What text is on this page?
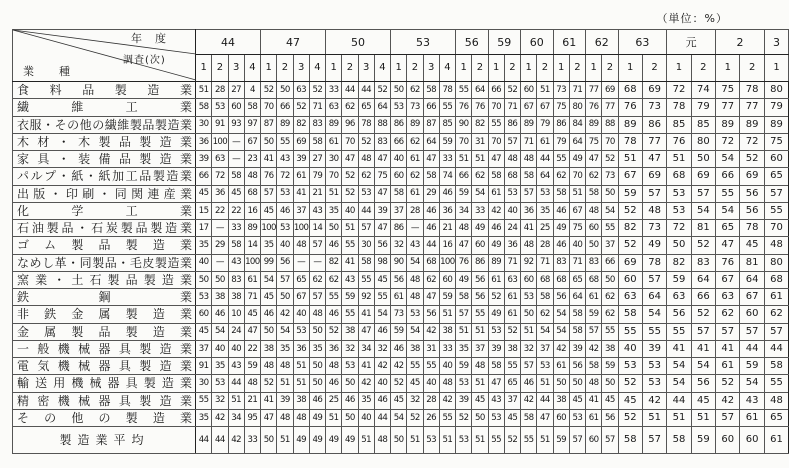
（単位：%）
年　度
調査(次)
業　　種	44				47				50				53				56		59		60		61		62		63		元		2		3			
	1	2	3	4	1	2	3	4	1	2	3	4	1	2	3	4	1	2	1	2	1	2	1	2	1	2	1	2	1	2	1	2	1							
食料品製造業	51	28	27	4	52	50	63	52	33	44	44	52	50	62	58	78	55	64	66	52	60	51	73	71	77	69	68	69	72	74	75	78	80	
繊維工業	58	53	60	58	70	66	52	71	63	62	65	64	53	73	66	55	76	76	70	71	67	67	75	80	76	77	76	73	78	79	77	77	79	
衣服・その他の繊維製品製造業	30	91	93	97	87	89	82	83	89	96	78	88	86	89	87	85	90	82	55	86	89	79	86	84	89	88	89	86	85	85	89	89	89	
木材・木製品製造業	36	100	—	67	50	55	69	58	61	70	52	83	66	62	64	59	70	31	70	57	71	61	79	64	75	70	78	77	76	80	72	72	75	
家具・装備品製造業	39	63	—	23	41	43	39	27	30	47	48	47	40	61	47	33	51	51	47	48	48	44	55	49	47	52	51	47	51	50	54	52	60	
パルプ・紙・紙加工品製造業	66	72	58	48	76	72	61	79	70	52	62	75	60	62	58	74	66	62	58	68	58	64	62	70	62	73	67	69	68	69	66	69	65	
出版・印刷・同関連産業	45	36	45	68	57	53	41	21	51	52	53	47	58	61	29	46	59	54	61	53	57	53	58	51	58	50	59	57	53	57	55	56	57	
化学工業	15	22	22	16	45	46	37	43	35	40	44	39	37	28	46	36	34	33	42	40	36	35	46	67	48	54	52	48	53	54	54	56	55	
石油製品・石炭製品製造業	17	—	33	89	100	53	100	14	50	51	57	47	86	—	46	21	48	49	46	24	41	25	49	75	60	55	82	73	72	81	65	78	70	
ゴム製品製造業	35	29	58	14	35	40	48	57	46	55	30	56	32	43	44	16	47	60	49	36	48	28	46	40	50	37	52	49	50	52	47	45	48	
なめし革・同製品・毛皮製造業	40	—	43	100	99	56	—	—	82	41	58	98	90	54	68	100	76	86	89	71	92	71	83	71	83	66	69	78	82	83	76	81	80	
窯業・土石製品製造業	50	50	83	61	54	57	65	62	62	43	55	45	56	48	62	60	49	56	61	63	60	68	68	65	68	50	60	57	59	64	67	64	68	
鉄鋼業	53	38	38	71	45	50	67	57	55	59	92	55	61	48	47	59	58	56	52	61	53	58	56	64	61	62	63	64	63	66	63	67	61	
非鉄金属製造業	60	46	10	45	46	42	40	48	46	55	41	54	73	53	56	51	57	55	49	61	50	62	54	58	59	62	58	54	56	52	62	60	62	
金属製品製造業	45	54	24	47	50	54	53	50	52	38	47	46	59	54	42	38	51	51	53	52	51	54	54	58	57	55	55	55	55	57	57	57	57	
一般機械器具製造業	37	40	40	22	38	35	36	35	36	32	34	32	46	38	31	33	35	37	39	38	32	37	42	39	42	38	40	39	41	41	41	44	44	
電気機械器具製造業	91	35	43	59	48	48	51	50	48	53	41	42	42	55	55	40	59	48	58	55	57	53	61	56	58	59	53	53	54	54	61	59	58	
輸送用機械器具製造業	30	53	44	48	52	51	51	50	46	50	42	40	52	45	40	48	53	51	47	65	46	51	50	50	48	50	52	53	54	56	52	54	55	
精密機械器具製造業	55	32	51	21	41	39	38	46	25	46	35	46	45	32	28	42	39	45	43	37	42	44	38	45	41	45	45	42	44	45	42	43	48	
その他の製造業	35	42	34	95	47	48	48	49	51	50	40	44	54	52	26	55	52	50	53	45	58	47	60	53	61	56	52	51	51	51	57	61	65	
製造業平均	44	44	42	33	50	51	49	49	49	49	51	48	50	51	53	51	53	51	55	52	55	51	59	57	60	57	58	57	58	59	60	60	61	
